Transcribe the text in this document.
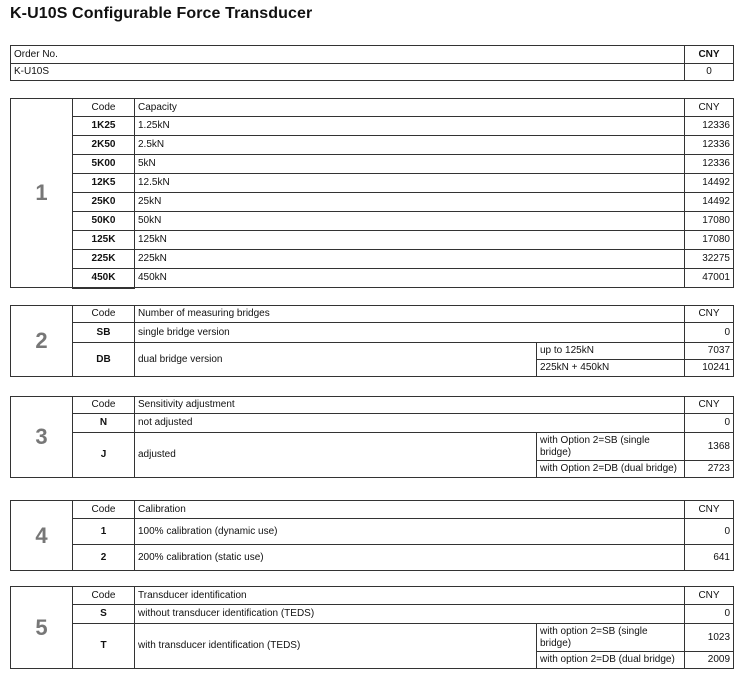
K-U10S Configurable Force Transducer
Order No.	CNY
K-U10S	0
1	Code	Capacity	CNY
	1K25	1.25kN	12336
	2K50	2.5kN	12336
	5K00	5kN	12336
	12K5	12.5kN	14492
	25K0	25kN	14492
	50K0	50kN	17080
	125K	125kN	17080
	225K	225kN	32275
	450K	450kN	47001
2	Code	Number of measuring bridges		CNY
	SB	single bridge version		0
	DB	dual bridge version	up to 125kN	7037
			225kN + 450kN	10241
3	Code	Sensitivity adjustment		CNY
	N	not adjusted		0
	J	adjusted	with Option 2=SB (single bridge)	1368
			with Option 2=DB (dual bridge)	2723
4	Code	Calibration	CNY
	1	100% calibration (dynamic use)	0
	2	200% calibration (static use)	641
5	Code	Transducer identification		CNY
	S	without transducer identification (TEDS)		0
	T	with transducer identification (TEDS)	with option 2=SB (single bridge)	1023
			with option 2=DB (dual bridge)	2009
